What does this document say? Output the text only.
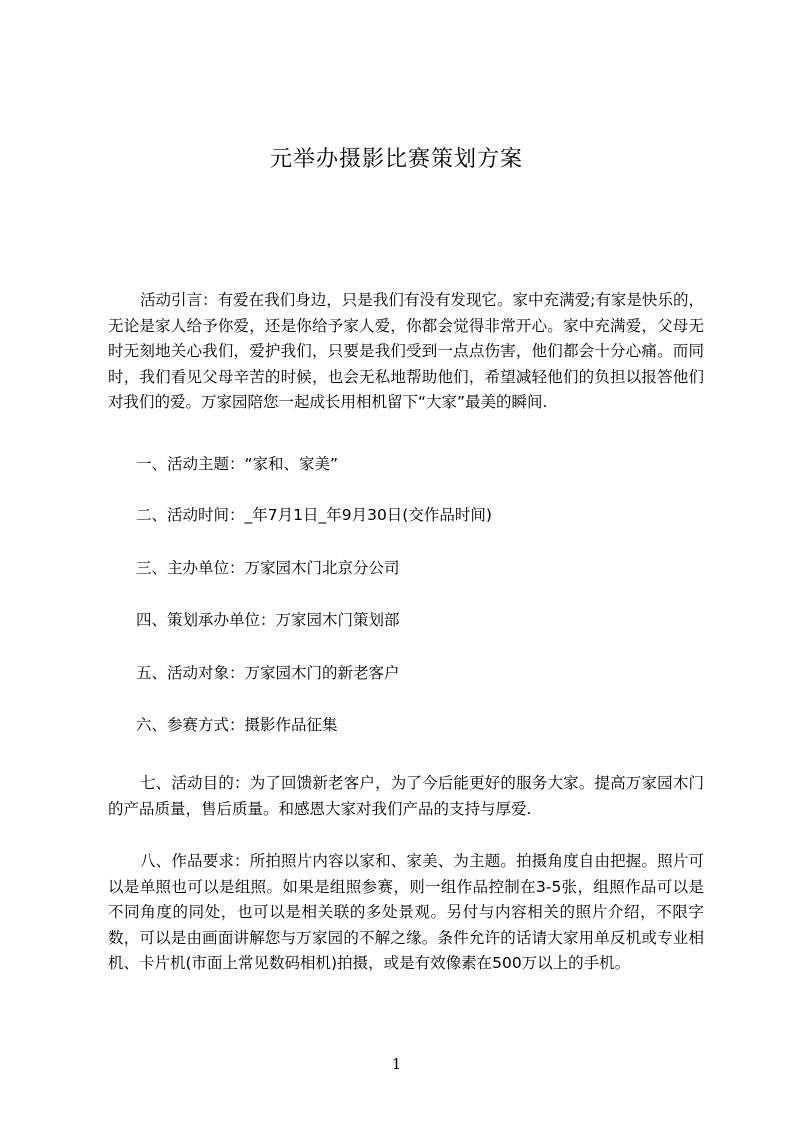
元举办摄影比赛策划方案

活动引言：有爱在我们身边，只是我们有没有发现它。家中充满爱;有家是快乐的，无论是家人给予你爱，还是你给予家人爱，你都会觉得非常开心。家中充满爱，父母无时无刻地关心我们，爱护我们，只要是我们受到一点点伤害，他们都会十分心痛。而同时，我们看见父母辛苦的时候，也会无私地帮助他们，希望减轻他们的负担以报答他们对我们的爱。万家园陪您一起成长用相机留下“大家”最美的瞬间.

一、活动主题：“家和、家美”

二、活动时间：_年7月1日_年9月30日(交作品时间)

三、主办单位：万家园木门北京分公司

四、策划承办单位：万家园木门策划部

五、活动对象：万家园木门的新老客户

六、参赛方式：摄影作品征集

七、活动目的：为了回馈新老客户，为了今后能更好的服务大家。提高万家园木门的产品质量，售后质量。和感恩大家对我们产品的支持与厚爱.

八、作品要求：所拍照片内容以家和、家美、为主题。拍摄角度自由把握。照片可以是单照也可以是组照。如果是组照参赛，则一组作品控制在3-5张，组照作品可以是不同角度的同处，也可以是相关联的多处景观。另付与内容相关的照片介绍，不限字数，可以是由画面讲解您与万家园的不解之缘。条件允许的话请大家用单反机或专业相机、卡片机(市面上常见数码相机)拍摄，或是有效像素在500万以上的手机。

1
